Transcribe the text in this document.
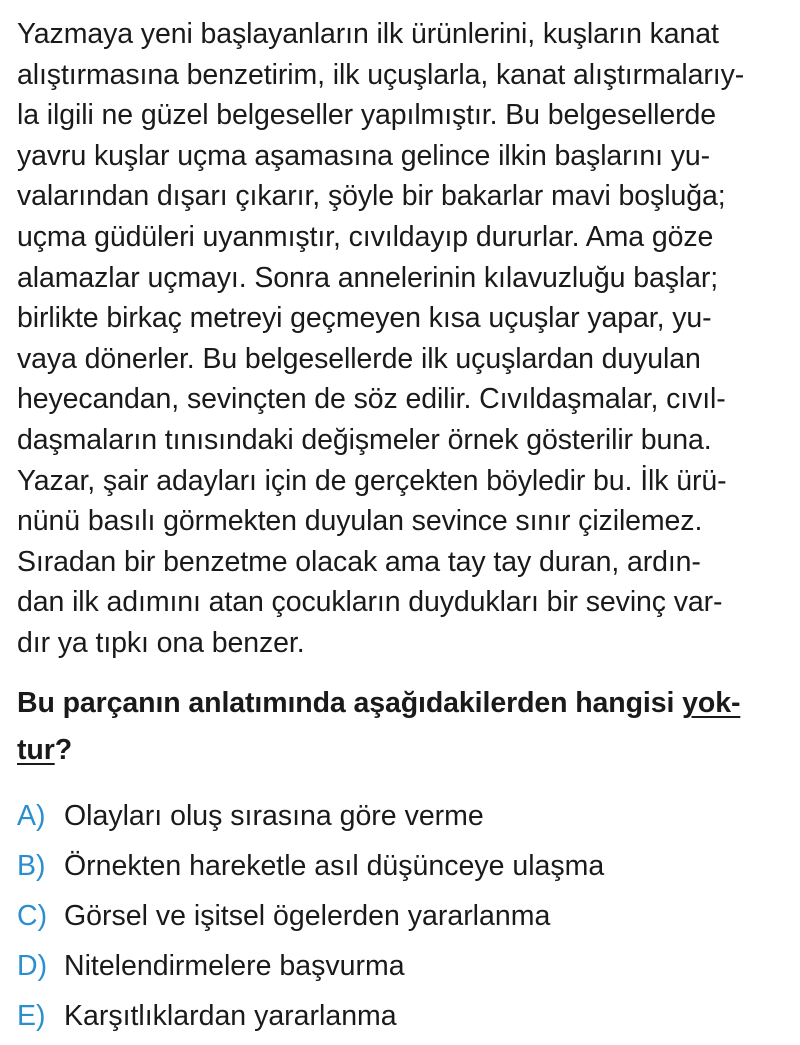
Yazmaya yeni başlayanların ilk ürünlerini, kuşların kanat
alıştırmasına benzetirim, ilk uçuşlarla, kanat alıştırmalarıy-
la ilgili ne güzel belgeseller yapılmıştır. Bu belgesellerde
yavru kuşlar uçma aşamasına gelince ilkin başlarını yu-
valarından dışarı çıkarır, şöyle bir bakarlar mavi boşluğa;
uçma güdüleri uyanmıştır, cıvıldayıp dururlar. Ama göze
alamazlar uçmayı. Sonra annelerinin kılavuzluğu başlar;
birlikte birkaç metreyi geçmeyen kısa uçuşlar yapar, yu-
vaya dönerler. Bu belgesellerde ilk uçuşlardan duyulan
heyecandan, sevinçten de söz edilir. Cıvıldaşmalar, cıvıl-
daşmaların tınısındaki değişmeler örnek gösterilir buna.
Yazar, şair adayları için de gerçekten böyledir bu. İlk ürü-
nünü basılı görmekten duyulan sevince sınır çizilemez.
Sıradan bir benzetme olacak ama tay tay duran, ardın-
dan ilk adımını atan çocukların duydukları bir sevinç var-
dır ya tıpkı ona benzer.
Bu parçanın anlatımında aşağıdakilerden hangisi yok-
tur?
A) Olayları oluş sırasına göre verme
B) Örnekten hareketle asıl düşünceye ulaşma
C) Görsel ve işitsel ögelerden yararlanma
D) Nitelendirmelere başvurma
E) Karşıtlıklardan yararlanma
